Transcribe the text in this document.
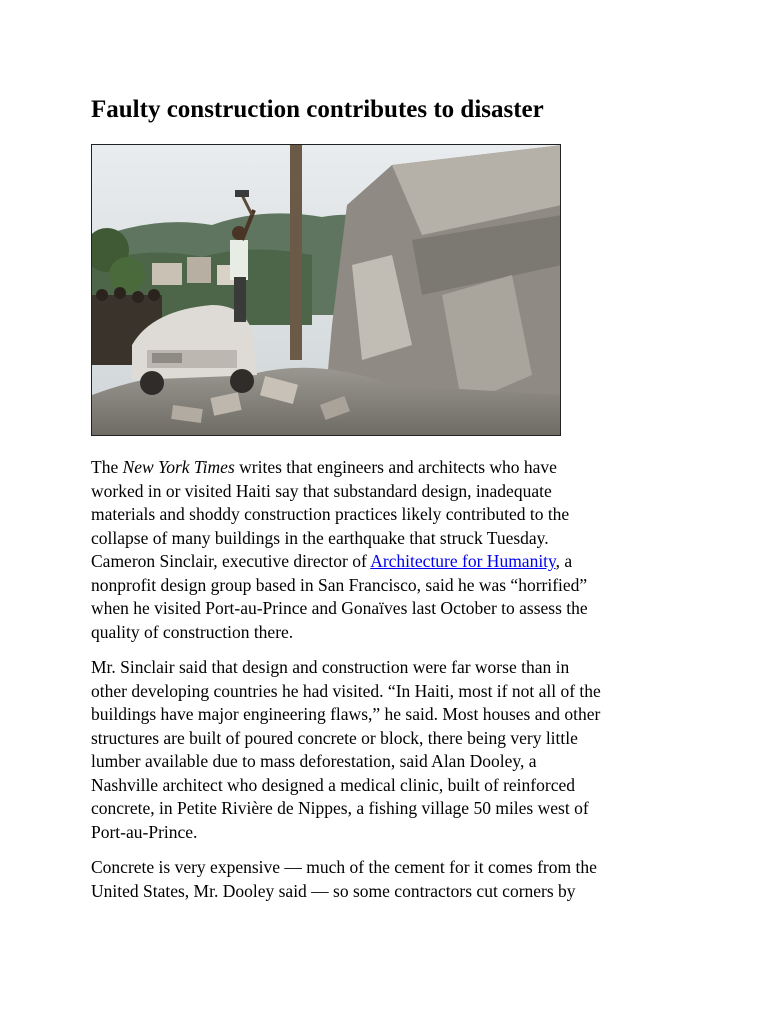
Faulty construction contributes to disaster

The New York Times writes that engineers and architects who have
worked in or visited Haiti say that substandard design, inadequate
materials and shoddy construction practices likely contributed to the
collapse of many buildings in the earthquake that struck Tuesday.
Cameron Sinclair, executive director of Architecture for Humanity, a
nonprofit design group based in San Francisco, said he was “horrified”
when he visited Port-au-Prince and Gonaïves last October to assess the
quality of construction there.

Mr. Sinclair said that design and construction were far worse than in
other developing countries he had visited. “In Haiti, most if not all of the
buildings have major engineering flaws,” he said. Most houses and other
structures are built of poured concrete or block, there being very little
lumber available due to mass deforestation, said Alan Dooley, a
Nashville architect who designed a medical clinic, built of reinforced
concrete, in Petite Rivière de Nippes, a fishing village 50 miles west of
Port-au-Prince.

Concrete is very expensive — much of the cement for it comes from the
United States, Mr. Dooley said — so some contractors cut corners by
